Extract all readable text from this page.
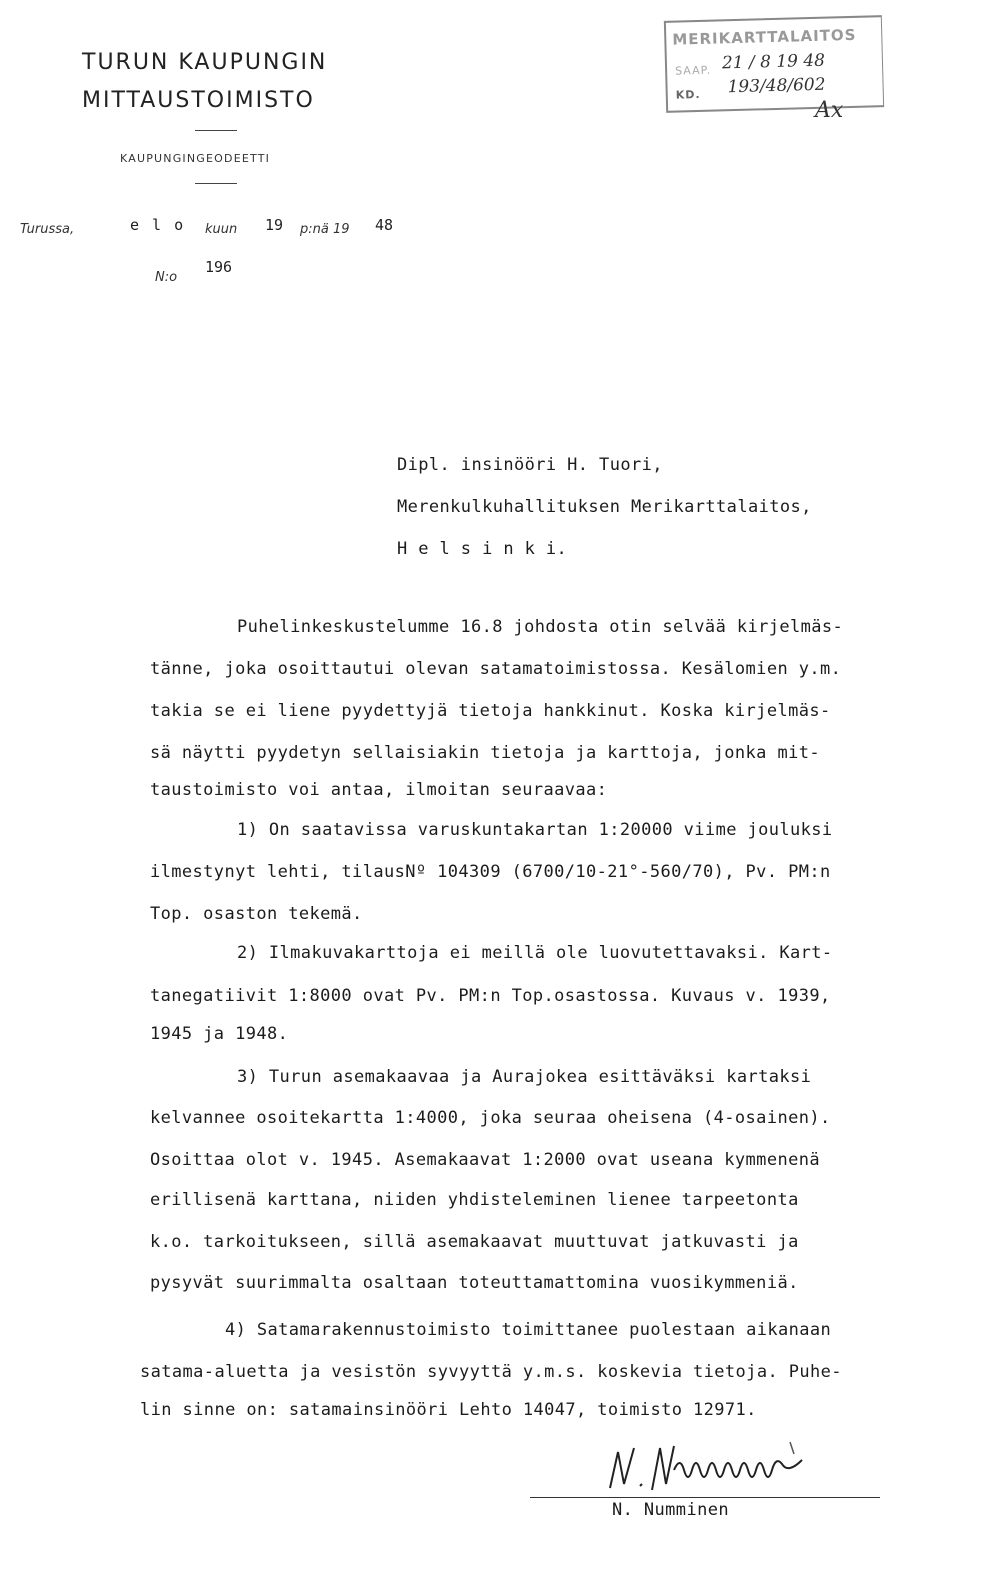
TURUN KAUPUNGIN
MITTAUSTOIMISTO
KAUPUNGINGEODEETTI
MERIKARTTALAITOS
SAAP. 21 / 8 19 48
KD. 193/48/602
Ax
Turussa,	e l o kuun 19 p:nä 19 48
N:o
196
Dipl. insinööri H. Tuori,
Merenkulkuhallituksen Merikarttalaitos,
H e l s i n k i.
Puhelinkeskustelumme 16.8 johdosta otin selvää kirjelmäs-
tänne, joka osoittautui olevan satamatoimistossa. Kesälomien y.m.
takia se ei liene pyydettyjä tietoja hankkinut. Koska kirjelmäs-
sä näytti pyydetyn sellaisiakin tietoja ja karttoja, jonka mit-
taustoimisto voi antaa, ilmoitan seuraavaa:
1) On saatavissa varuskuntakartan 1:20000 viime jouluksi
ilmestynyt lehti, tilausNº 104309 (6700/10-21°-560/70), Pv. PM:n
Top. osaston tekemä.
2) Ilmakuvakarttoja ei meillä ole luovutettavaksi. Kart-
tanegatiivit 1:8000 ovat Pv. PM:n Top.osastossa. Kuvaus v. 1939,
1945 ja 1948.
3) Turun asemakaavaa ja Aurajokea esittäväksi kartaksi
kelvannee osoitekartta 1:4000, joka seuraa oheisena (4-osainen).
Osoittaa olot v. 1945. Asemakaavat 1:2000 ovat useana kymmenenä
erillisenä karttana, niiden yhdisteleminen lienee tarpeetonta
k.o. tarkoitukseen, sillä asemakaavat muuttuvat jatkuvasti ja
pysyvät suurimmalta osaltaan toteuttamattomina vuosikymmeniä.
4) Satamarakennustoimisto toimittanee puolestaan aikanaan
satama-aluetta ja vesistön syvyyttä y.m.s. koskevia tietoja. Puhe-
lin sinne on: satamainsinööri Lehto 14047, toimisto 12971.
N. Numminen
